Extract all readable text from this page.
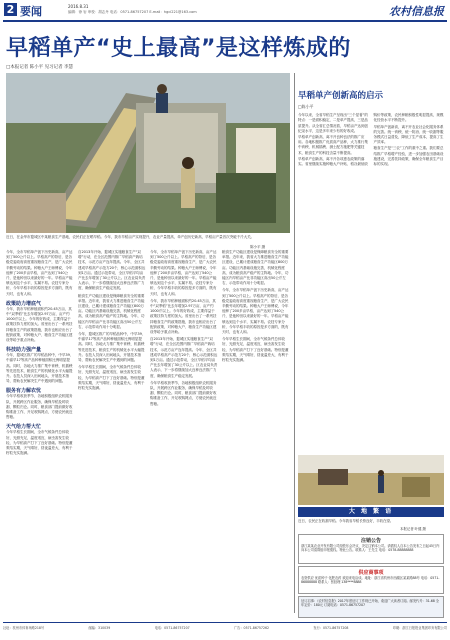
2 要闻	2016.8.31
编辑：徐 岩 审校：胡志丹 电话：0571-86757207 E-mail：hgci221@163.com	农村信息报
早稻单产“史上最高”是这样炼成的
□本报记者 陈小平 见习记者 李慧
近日，在金华市婺城区中某粮食生产基地，农民们正在晒早稻。今年，我市早稻亩产实现提升，农业产量提高，单产创历史新高，早稻亩产量首次突破千斤大关。
陈小平 摄
早稻单产创新高的启示
□陈小平

今年以来，全省早稻生产呈现出“三个显著”的特点：一是面积稳定，二是单产提高，三是品质提升。从全省汇总情况看，早稻亩产达到创纪录水平，这是多年来少有的好收成。

早稻单产创新高，离不开良种良法的推广应用。各地积极推广优质高产品种，大力推行集中育秧、机械插秧、测土配方施肥等关键技术，粮食生产的科技含量不断提高。

早稻单产创新高，离不开各项惠农政策的落实。省里继续实施种粮大户补贴、稻谷最低收购价等政策，农民种粮积极性明显提高，规模化经营水平不断提升。

早稻单产创新高，离不开农业社会化服务体系的完善。统一育秧、统一防治、统一收割等服务模式日益普及，降低了生产成本，提高了生产效率。

粮食生产是“三农”工作的重中之重。我们要总结推广早稻增产经验，进一步加强农田基础设施建设，完善扶持政策，确保全年粮食生产目标的实现。

今年，全市早稻单产创下历史新高，亩产达到了500公斤以上。早稻高产的背后，是各级党委政府高度重视粮食生产，是广大农民辛勤劳动的结果。种粮大户王师傅说，今年他种了200多亩早稻，亩产达到了540公斤，是他种田以来最好的一年。早稻亩产能够达到这个水平，实属不易。农技专家分析，今年早稻丰收的原因是多方面的，既有天时，也有人和。
政策助力增底气
今年，我市早稻种植面积约20.45万亩，其中“双季稻”比去年增加2.97万亩，亩产约1000斤以上。今年的好收成，主要得益于政策扶持力度的加大。省里出台了一系列扶持粮食生产的政策措施，我市也相应出台了配套政策，对种粮大户、粮食生产功能区建设等给予重点补助。
科技助力强产量
今年，婺城区推广的早稻品种中，中早39、中嘉早17等高产品种种植面积比例明显提高。同时，各地大力推广集中育秧、机插秧等先进技术，粮食生产的机械化水平大幅提升。农技人员深入田间地头，开展技术指导，帮助农民解决生产中遇到的问题。
服务有力解农忧
今年早稻收获季节，各地积极组织农机服务队，开展跨区作业服务，确保早稻及时收割、颗粒归仓。同时，粮食部门提前做好收购准备工作，开足收购网点，方便农民就近售粮。
天气给力帮大忙
今年早稻生长期间，全市气候条件总体较好，光照充足，温度适宜，病虫害发生较轻，为早稻高产打下了良好基础。特别是灌浆结实期，天气晴好，昼夜温差大，有利于籽粒充实饱满。
自2013年开始，婺城区实施粮食生产“双增”行动，在全区范围内推广早稻高产栽培技术，示范方亩产连年提高。今年，全区共建成早稻高产示范方20个，核心示范面积达到1万亩。通过示范带动，全区早稻平均亩产比去年增加了30公斤以上。区农业局负责人表示，下一步将继续加大良种良法推广力度，确保粮食生产稳定发展。
粮食生产功能区建设是保障粮食安全的重要举措。近年来，我省大力推进粮食生产功能区建设，已累计建成粮食生产功能区800万亩。功能区内基础设施完善，机械化程度高，成为粮食高产稳产的主阵地。今年，功能区内早稻亩产比非功能区高出50公斤左右，示范带动作用十分明显。
今年，婺城区推广的早稻品种中，中早39、中嘉早17等高产品种种植面积比例明显提高。同时，各地大力推广集中育秧、机插秧等先进技术，粮食生产的机械化水平大幅提升。农技人员深入田间地头，开展技术指导，帮助农民解决生产中遇到的问题。
今年早稻生长期间，全市气候条件总体较好，光照充足，温度适宜，病虫害发生较轻，为早稻高产打下了良好基础。特别是灌浆结实期，天气晴好，昼夜温差大，有利于籽粒充实饱满。
今年，全市早稻单产创下历史新高，亩产达到了500公斤以上。早稻高产的背后，是各级党委政府高度重视粮食生产，是广大农民辛勤劳动的结果。种粮大户王师傅说，今年他种了200多亩早稻，亩产达到了540公斤，是他种田以来最好的一年。早稻亩产能够达到这个水平，实属不易。农技专家分析，今年早稻丰收的原因是多方面的，既有天时，也有人和。
今年，我市早稻种植面积约20.45万亩，其中“双季稻”比去年增加2.97万亩，亩产约1000斤以上。今年的好收成，主要得益于政策扶持力度的加大。省里出台了一系列扶持粮食生产的政策措施，我市也相应出台了配套政策，对种粮大户、粮食生产功能区建设等给予重点补助。
自2013年开始，婺城区实施粮食生产“双增”行动，在全区范围内推广早稻高产栽培技术，示范方亩产连年提高。今年，全区共建成早稻高产示范方20个，核心示范面积达到1万亩。通过示范带动，全区早稻平均亩产比去年增加了30公斤以上。区农业局负责人表示，下一步将继续加大良种良法推广力度，确保粮食生产稳定发展。
今年早稻收获季节，各地积极组织农机服务队，开展跨区作业服务，确保早稻及时收割、颗粒归仓。同时，粮食部门提前做好收购准备工作，开足收购网点，方便农民就近售粮。
粮食生产功能区建设是保障粮食安全的重要举措。近年来，我省大力推进粮食生产功能区建设，已累计建成粮食生产功能区800万亩。功能区内基础设施完善，机械化程度高，成为粮食高产稳产的主阵地。今年，功能区内早稻亩产比非功能区高出50公斤左右，示范带动作用十分明显。
今年，全市早稻单产创下历史新高，亩产达到了500公斤以上。早稻高产的背后，是各级党委政府高度重视粮食生产，是广大农民辛勤劳动的结果。种粮大户王师傅说，今年他种了200多亩早稻，亩产达到了540公斤，是他种田以来最好的一年。早稻亩产能够达到这个水平，实属不易。农技专家分析，今年早稻丰收的原因是多方面的，既有天时，也有人和。
今年早稻生长期间，全市气候条件总体较好，光照充足，温度适宜，病虫害发生较轻，为早稻高产打下了良好基础。特别是灌浆结实期，天气晴好，昼夜温差大，有利于籽粒充实饱满。
大 地 繁 语
近日，农民正在收割早稻。今年我省早稻长势良好，丰收在望。
本报记者 叶健 摄
注销公告
浙江某某农业开发有限公司经股东会决议，决定注销本公司。请债权人自本公告发布之日起45日内向本公司清算组申报债权。特此公告。联系人：王先生 电话：0578-88888888
供应商事项
农资供应 优质种子 化肥农药 欢迎来电洽谈。地址：浙江省杭州市西湖区某某路88号 电话：0571-86888888 联系人：张经理 138****8888
征订启事：《农村信息报》2017年度征订工作现已开始，欢迎广大读者订阅。邮发代号：31-68 全年定价：180元 订阅电话：0571-86757207
社址：杭州市体育场路218号	邮编：310039	电话：0571-86757207	广告：0571-86757262	发行：0571-86757208	印刷：浙江日报报业集团印务有限公司
